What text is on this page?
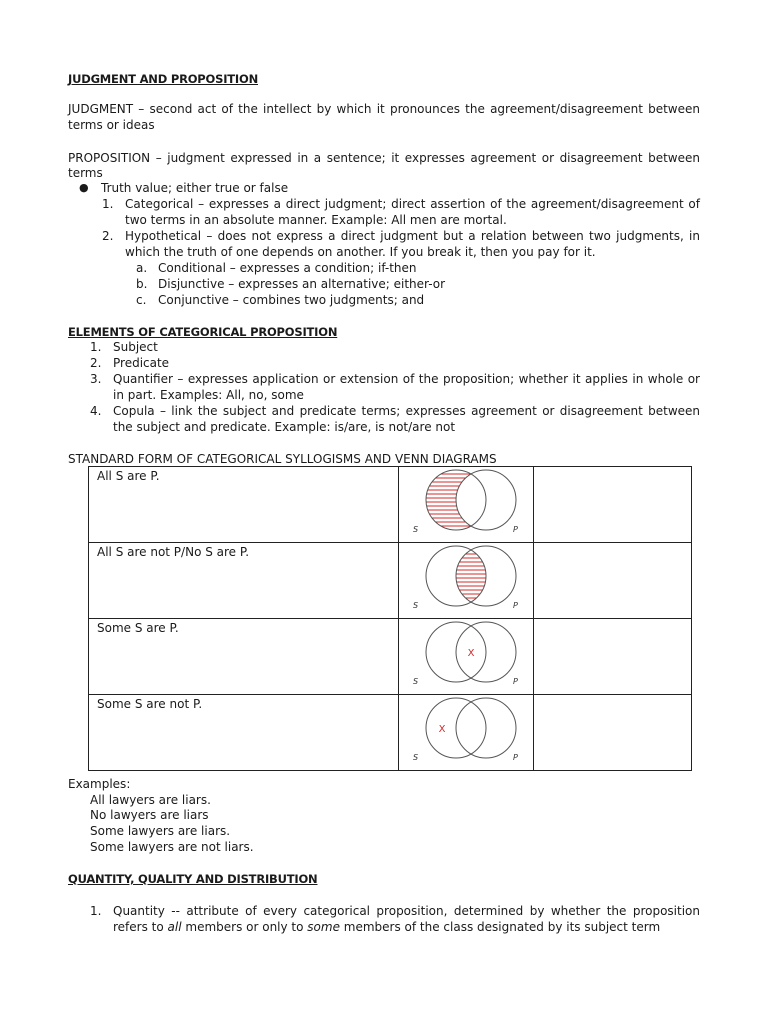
JUDGMENT AND PROPOSITION
JUDGMENT – second act of the intellect by which it pronounces the agreement/disagreement between
terms or ideas
PROPOSITION – judgment expressed in a sentence; it expresses agreement or disagreement between
terms
● Truth value; either true or false
1. Categorical – expresses a direct judgment; direct assertion of the agreement/disagreement of
two terms in an absolute manner. Example: All men are mortal.
2. Hypothetical – does not express a direct judgment but a relation between two judgments, in
which the truth of one depends on another. If you break it, then you pay for it.
a. Conditional – expresses a condition; if-then
b. Disjunctive – expresses an alternative; either-or
c. Conjunctive – combines two judgments; and
ELEMENTS OF CATEGORICAL PROPOSITION
1. Subject
2. Predicate
3. Quantifier – expresses application or extension of the proposition; whether it applies in whole or
in part. Examples: All, no, some
4. Copula – link the subject and predicate terms; expresses agreement or disagreement between
the subject and predicate. Example: is/are, is not/are not
STANDARD FORM OF CATEGORICAL SYLLOGISMS AND VENN DIAGRAMS
All S are P.	S P	

All S are not P/No S are P.	S P	

Some S are P.	S P
X	

Some S are not P.	S P
X	

Examples:
All lawyers are liars.
No lawyers are liars
Some lawyers are liars.
Some lawyers are not liars.
QUANTITY, QUALITY AND DISTRIBUTION
1. Quantity -- attribute of every categorical proposition, determined by whether the proposition
refers to all members or only to some members of the class designated by its subject term
